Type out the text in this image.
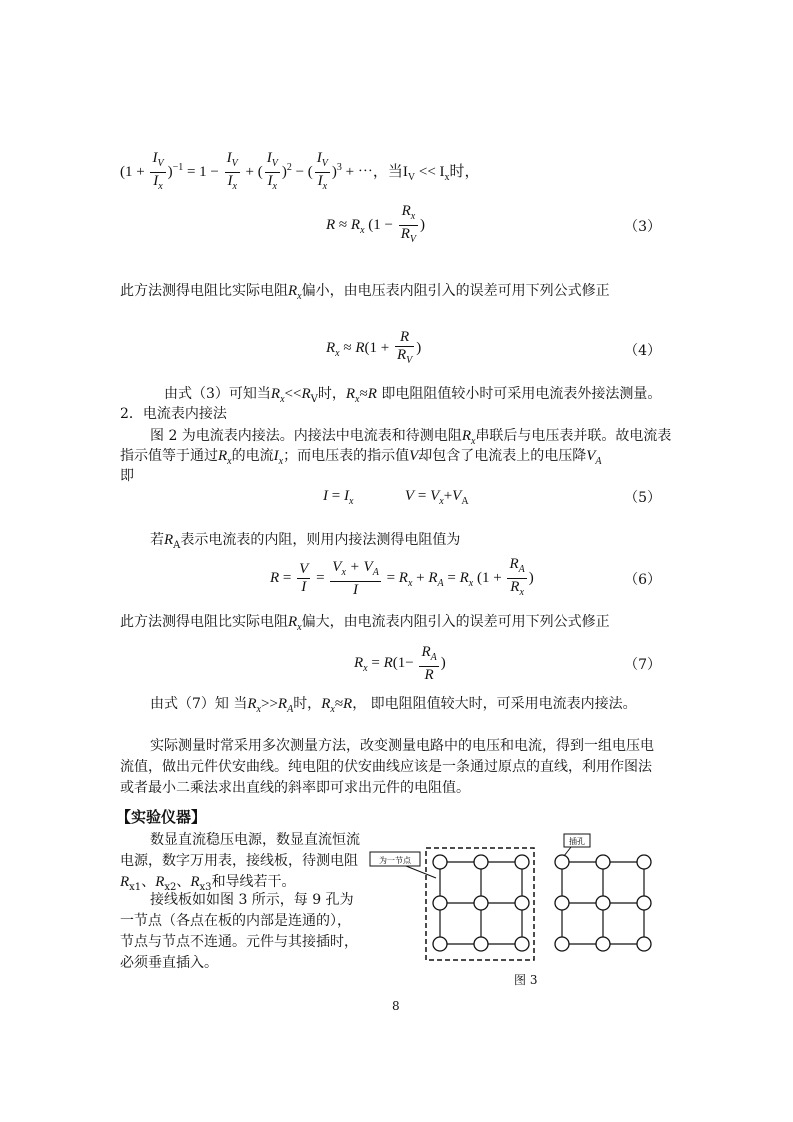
$(1 + \frac{I_V}{I_x} )^{-1} = 1 - \frac{I_V}{I_x}$ + ( $\frac{I_V}{I_x} )^2$ − ( $\frac{I_V}{I_x} )^3$ + ⋯，当$I_V << I_x$时，
$R \approx R_x$ ($1 - \frac{R_x}{R_V}$ )	（3）
此方法测得电阻比实际电阻$R_x$偏小，由电压表内阻引入的误差可用下列公式修正
$R_x \approx R(1 + \frac{R}{R_V}$ )	（4）
由式（3）可知当$R_x<<R_V$时，$R_x\approx R$ 即电阻阻值较小时可采用电流表外接法测量。
2．电流表内接法
图 2 为电流表内接法。内接法中电流表和待测电阻$R_x$串联后与电压表并联。故电流表
指示值等于通过$R_x$的电流$I_x$；而电压表的指示值V却包含了电流表上的电压降$V_A$
即
$I = I_x$	$V = V_x+V_A$	（5）
若$R_A$表示电流表的内阻，则用内接法测得电阻值为
$R = \frac{V}{I} = \frac{V_x + V_A}{I} = R_x + R_A = R_x$ ($1 + \frac{R_A}{R_x}$ )	（6）
此方法测得电阻比实际电阻$R_x$偏大，由电流表内阻引入的误差可用下列公式修正
$R_x = R(1- \frac{R_A}{R}$ )	（7）
由式（7）知 当$R_x>>R_A$时，$R_x\approx R$， 即电阻阻值较大时，可采用电流表内接法。
实际测量时常采用多次测量方法，改变测量电路中的电压和电流，得到一组电压电流值，做出元件伏安曲线。纯电阻的伏安曲线应该是一条通过原点的直线，利用作图法或者最小二乘法求出直线的斜率即可求出元件的电阻值。
【实验仪器】
数显直流稳压电源，数显直流恒流电源，数字万用表，接线板，待测电阻$R_{x1}$、$R_{x2}$、$R_{x3}$和导线若干。
接线板如如图 3 所示，每 9 孔为一节点（各点在板的内部是连通的），节点与节点不连通。元件与其接插时，必须垂直插入。
为一节点
插孔
图 3
8
